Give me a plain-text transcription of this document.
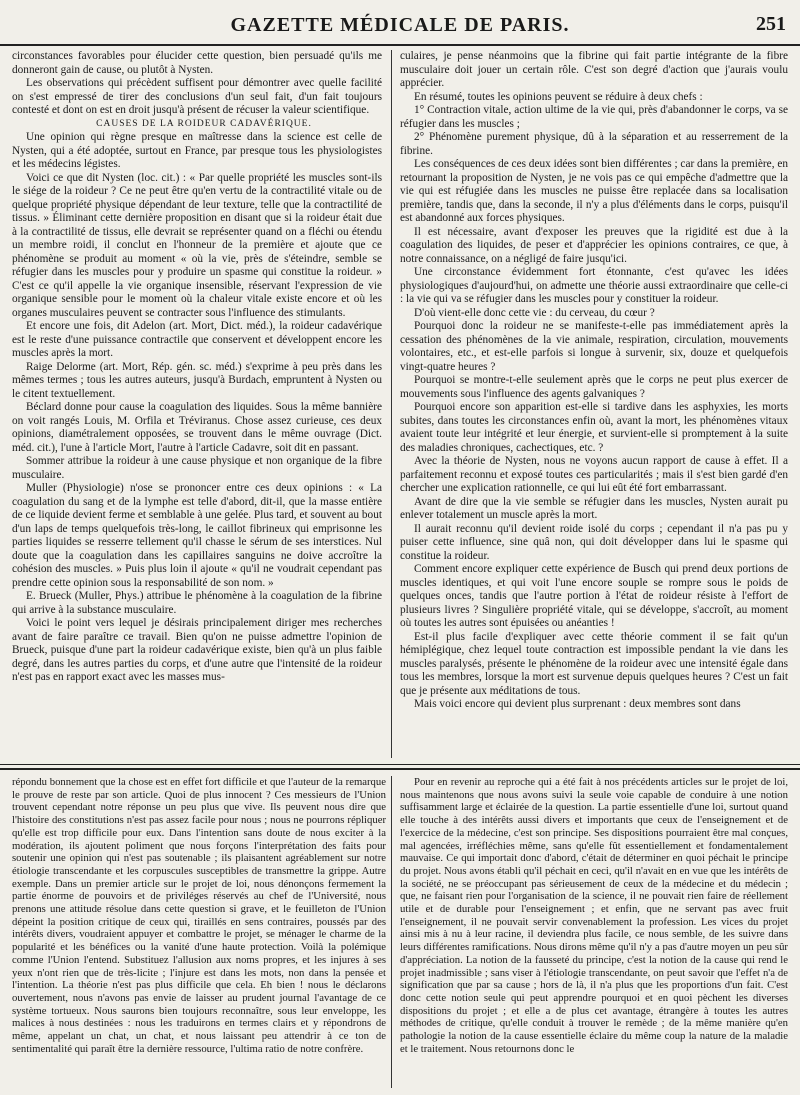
GAZETTE MÉDICALE DE PARIS.	251

circonstances favorables pour élucider cette question, bien persuadé qu'ils me donneront gain de cause, ou plutôt à Nysten.

Les observations qui précèdent suffisent pour démontrer avec quelle facilité on s'est empressé de tirer des conclusions d'un seul fait, d'un fait toujours contesté et dont on est en droit jusqu'à présent de récuser la valeur scientifique.

CAUSES DE LA ROIDEUR CADAVÉRIQUE.

Une opinion qui règne presque en maîtresse dans la science est celle de Nysten, qui a été adoptée, surtout en France, par presque tous les physiologistes et les médecins légistes.

Voici ce que dit Nysten (loc. cit.) : « Par quelle propriété les muscles sont-ils le siége de la roideur ? Ce ne peut être qu'en vertu de la contractilité vitale ou de quelque propriété physique dépendant de leur texture, telle que la contractilité de tissus. » Éliminant cette dernière proposition en disant que si la roideur était due à la contractilité de tissus, elle devrait se représenter quand on a fléchi ou étendu un membre roidi, il conclut en l'honneur de la première et ajoute que ce phénomène se produit au moment « où la vie, près de s'éteindre, semble se réfugier dans les muscles pour y produire un spasme qui constitue la roideur. » C'est ce qu'il appelle la vie organique insensible, réservant l'expression de vie organique sensible pour le moment où la chaleur vitale existe encore et où les organes musculaires peuvent se contracter sous l'influence des stimulants.

Et encore une fois, dit Adelon (art. Mort, Dict. méd.), la roideur cadavérique est le reste d'une puissance contractile que conservent et développent encore les muscles après la mort.

Raige Delorme (art. Mort, Rép. gén. sc. méd.) s'exprime à peu près dans les mêmes termes ; tous les autres auteurs, jusqu'à Burdach, empruntent à Nysten ou le citent textuellement.

Béclard donne pour cause la coagulation des liquides. Sous la même bannière on voit rangés Louis, M. Orfila et Tréviranus. Chose assez curieuse, ces deux opinions, diamétralement opposées, se trouvent dans le même ouvrage (Dict. méd. cit.), l'une à l'article Mort, l'autre à l'article Cadavre, soit dit en passant.

Sommer attribue la roideur à une cause physique et non organique de la fibre musculaire.

Muller (Physiologie) n'ose se prononcer entre ces deux opinions : « La coagulation du sang et de la lymphe est telle d'abord, dit-il, que la masse entière de ce liquide devient ferme et semblable à une gelée. Plus tard, et souvent au bout d'un laps de temps quelquefois très-long, le caillot fibrineux qui emprisonne les parties liquides se resserre tellement qu'il chasse le sérum de ses interstices. Nul doute que la coagulation dans les capillaires sanguins ne doive accroître la cohésion des muscles. » Puis plus loin il ajoute « qu'il ne voudrait cependant pas prendre cette opinion sous la responsabilité de son nom. »

E. Brueck (Muller, Phys.) attribue le phénomène à la coagulation de la fibrine qui arrive à la substance musculaire.

Voici le point vers lequel je désirais principalement diriger mes recherches avant de faire paraître ce travail. Bien qu'on ne puisse admettre l'opinion de Brueck, puisque d'une part la roideur cadavérique existe, bien qu'à un plus faible degré, dans les autres parties du corps, et d'une autre que l'intensité de la roideur n'est pas en rapport exact avec les masses mus-

culaires, je pense néanmoins que la fibrine qui fait partie intégrante de la fibre musculaire doit jouer un certain rôle. C'est son degré d'action que j'aurais voulu apprécier.

En résumé, toutes les opinions peuvent se réduire à deux chefs :

1° Contraction vitale, action ultime de la vie qui, près d'abandonner le corps, va se réfugier dans les muscles ;

2° Phénomène purement physique, dû à la séparation et au resserrement de la fibrine.

Les conséquences de ces deux idées sont bien différentes ; car dans la première, en retournant la proposition de Nysten, je ne vois pas ce qui empêche d'admettre que la vie qui est réfugiée dans les muscles ne puisse être replacée dans sa localisation première, tandis que, dans la seconde, il n'y a plus d'éléments dans le corps, puisqu'il est abandonné aux forces physiques.

Il est nécessaire, avant d'exposer les preuves que la rigidité est due à la coagulation des liquides, de peser et d'apprécier les opinions contraires, ce que, à notre connaissance, on a négligé de faire jusqu'ici.

Une circonstance évidemment fort étonnante, c'est qu'avec les idées physiologiques d'aujourd'hui, on admette une théorie aussi extraordinaire que celle-ci : la vie qui va se réfugier dans les muscles pour y constituer la roideur.

D'où vient-elle donc cette vie : du cerveau, du cœur ?

Pourquoi donc la roideur ne se manifeste-t-elle pas immédiatement après la cessation des phénomènes de la vie animale, respiration, circulation, mouvements volontaires, etc., et est-elle parfois si longue à survenir, six, douze et quelquefois vingt-quatre heures ?

Pourquoi se montre-t-elle seulement après que le corps ne peut plus exercer de mouvements sous l'influence des agents galvaniques ?

Pourquoi encore son apparition est-elle si tardive dans les asphyxies, les morts subites, dans toutes les circonstances enfin où, avant la mort, les phénomènes vitaux avaient toute leur intégrité et leur énergie, et survient-elle si promptement à la suite des maladies chroniques, cachectiques, etc. ?

Avec la théorie de Nysten, nous ne voyons aucun rapport de cause à effet. Il a parfaitement reconnu et exposé toutes ces particularités ; mais il s'est bien gardé d'en chercher une explication rationnelle, ce qui lui eût été fort embarrassant.

Avant de dire que la vie semble se réfugier dans les muscles, Nysten aurait pu enlever totalement un muscle après la mort.

Il aurait reconnu qu'il devient roide isolé du corps ; cependant il n'a pas pu y puiser cette influence, sine quâ non, qui doit développer dans lui le spasme qui constitue la roideur.

Comment encore expliquer cette expérience de Busch qui prend deux portions de muscles identiques, et qui voit l'une encore souple se rompre sous le poids de quelques onces, tandis que l'autre portion à l'état de roideur résiste à l'effort de plusieurs livres ? Singulière propriété vitale, qui se développe, s'accroît, au moment où toutes les autres sont épuisées ou anéanties !

Est-il plus facile d'expliquer avec cette théorie comment il se fait qu'un hémiplégique, chez lequel toute contraction est impossible pendant la vie dans les muscles paralysés, présente le phénomène de la roideur avec une intensité égale dans tous les membres, lorsque la mort est survenue depuis quelques heures ? C'est un fait que je présente aux méditations de tous.

Mais voici encore qui devient plus surprenant : deux membres sont dans

répondu bonnement que la chose est en effet fort difficile et que l'auteur de la remarque le prouve de reste par son article. Quoi de plus innocent ? Ces messieurs de l'Union trouvent cependant notre réponse un peu plus que vive. Ils peuvent nous dire que l'histoire des constitutions n'est pas assez facile pour nous ; nous ne pourrons répliquer qu'elle est trop difficile pour eux. Dans l'intention sans doute de nous exciter à la modération, ils ajoutent poliment que nous forçons l'interprétation des faits pour soutenir une opinion qui n'est pas soutenable ; ils plaisantent agréablement sur notre étiologie transcendante et les corpuscules susceptibles de transmettre la grippe. Autre exemple. Dans un premier article sur le projet de loi, nous dénonçons fermement la partie énorme de pouvoirs et de priviléges réservés au chef de l'Université, nous prenons une attitude résolue dans cette question si grave, et le feuilleton de l'Union dépeint la position critique de ceux qui, tiraillés en sens contraires, poussés par des intérêts divers, voudraient appuyer et combattre le projet, se ménager le charme de la popularité et les bénéfices ou la vanité d'une haute protection. Voilà la polémique comme l'Union l'entend. Substituez l'allusion aux noms propres, et les injures à ses yeux n'ont rien que de très-licite ; l'injure est dans les mots, non dans la pensée et l'intention. La théorie n'est pas plus difficile que cela. Eh bien ! nous le déclarons ouvertement, nous n'avons pas envie de laisser au prudent journal l'avantage de ce système tortueux. Nous saurons bien toujours reconnaître, sous leur enveloppe, les malices à nous destinées : nous les traduirons en termes clairs et y répondrons de même, appelant un chat, un chat, et nous laissant peu attendrir à ce ton de sentimentalité qui paraît être la dernière ressource, l'ultima ratio de notre confrère.

Pour en revenir au reproche qui a été fait à nos précédents articles sur le projet de loi, nous maintenons que nous avons suivi la seule voie capable de conduire à une notion suffisamment large et éclairée de la question. La partie essentielle d'une loi, surtout quand elle touche à des intérêts aussi divers et importants que ceux de l'enseignement et de l'exercice de la médecine, c'est son principe. Ses dispositions pourraient être mal conçues, mal agencées, irréfléchies même, sans qu'elle fût essentiellement et fondamentalement mauvaise. Ce qui importait donc d'abord, c'était de déterminer en quoi péchait le principe du projet. Nous avons établi qu'il péchait en ceci, qu'il n'avait en en vue que les intérêts de la société, ne se préoccupant pas sérieusement de ceux de la médecine et du médecin ; que, ne faisant rien pour l'organisation de la science, il ne pouvait rien faire de réellement utile et de durable pour l'enseignement ; et enfin, que ne servant pas avec fruit l'enseignement, il ne pouvait servir convenablement la profession. Les vices du projet ainsi mis à nu à leur racine, il deviendra plus facile, ce nous semble, de les suivre dans leurs différentes ramifications. Nous dirons même qu'il n'y a pas d'autre moyen un peu sûr d'appréciation. La notion de la fausseté du principe, c'est la notion de la cause qui rend le projet inadmissible ; sans viser à l'étiologie transcendante, on peut savoir que l'effet n'a de signification que par sa cause ; hors de là, il n'a plus que les proportions d'un fait. C'est donc cette notion seule qui peut apprendre pourquoi et en quoi pèchent les diverses dispositions du projet ; et elle a de plus cet avantage, étrangère à toutes les autres méthodes de critique, qu'elle conduit à trouver le remède ; de la même manière qu'en pathologie la notion de la cause essentielle éclaire du même coup la nature de la maladie et le traitement. Nous retournons donc le
